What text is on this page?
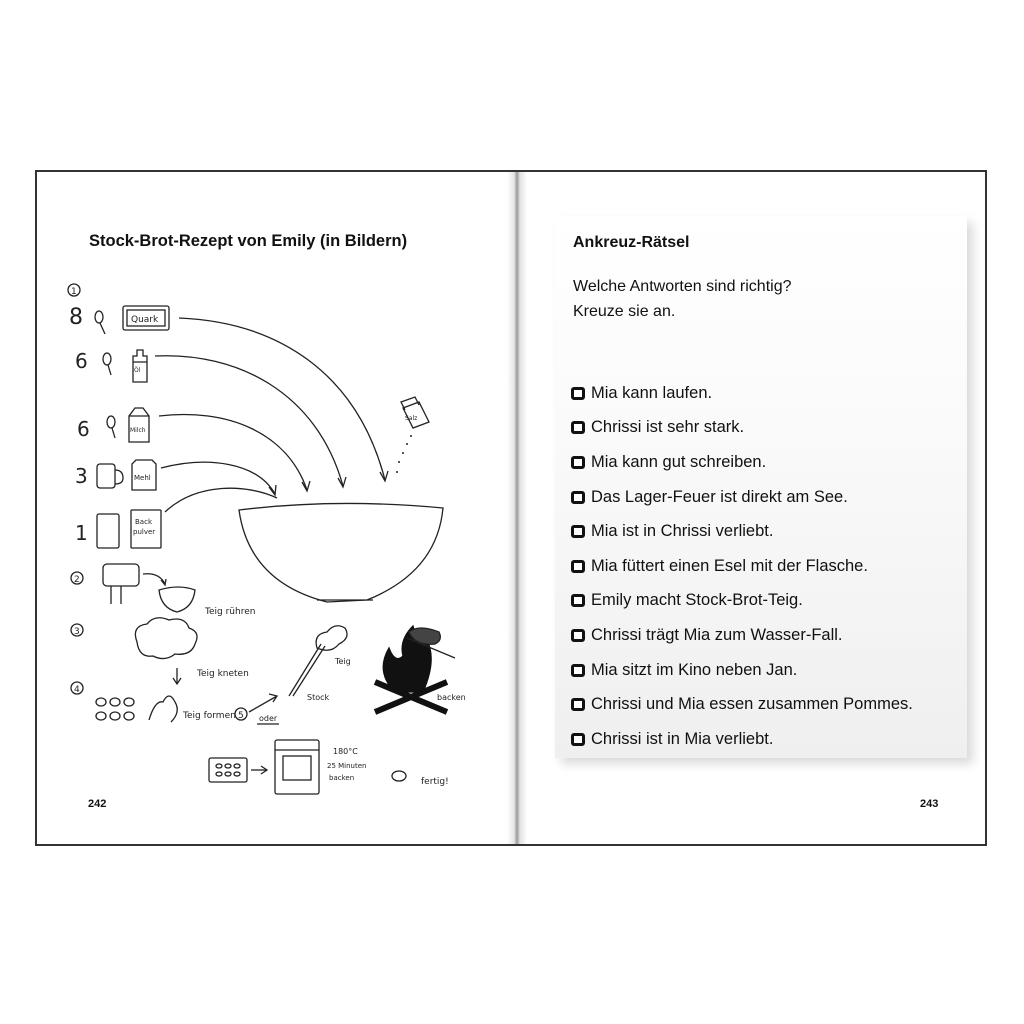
Stock-Brot-Rezept von Emily (in Bildern)
1
8	Quark
6	Öl
6	Milch
3	Mehl
1	Back
pulver
Salz
2
Teig rühren
3
Teig kneten
4
Teig formen 5 oder
Teig
Stock	backen
180°C
25 Minuten
backen	fertig!
242
Ankreuz-Rätsel
Welche Antworten sind richtig?
Kreuze sie an.
Mia kann laufen.
Chrissi ist sehr stark.
Mia kann gut schreiben.
Das Lager-Feuer ist direkt am See.
Mia ist in Chrissi verliebt.
Mia füttert einen Esel mit der Flasche.
Emily macht Stock-Brot-Teig.
Chrissi trägt Mia zum Wasser-Fall.
Mia sitzt im Kino neben Jan.
Chrissi und Mia essen zusammen Pommes.
Chrissi ist in Mia verliebt.
243
